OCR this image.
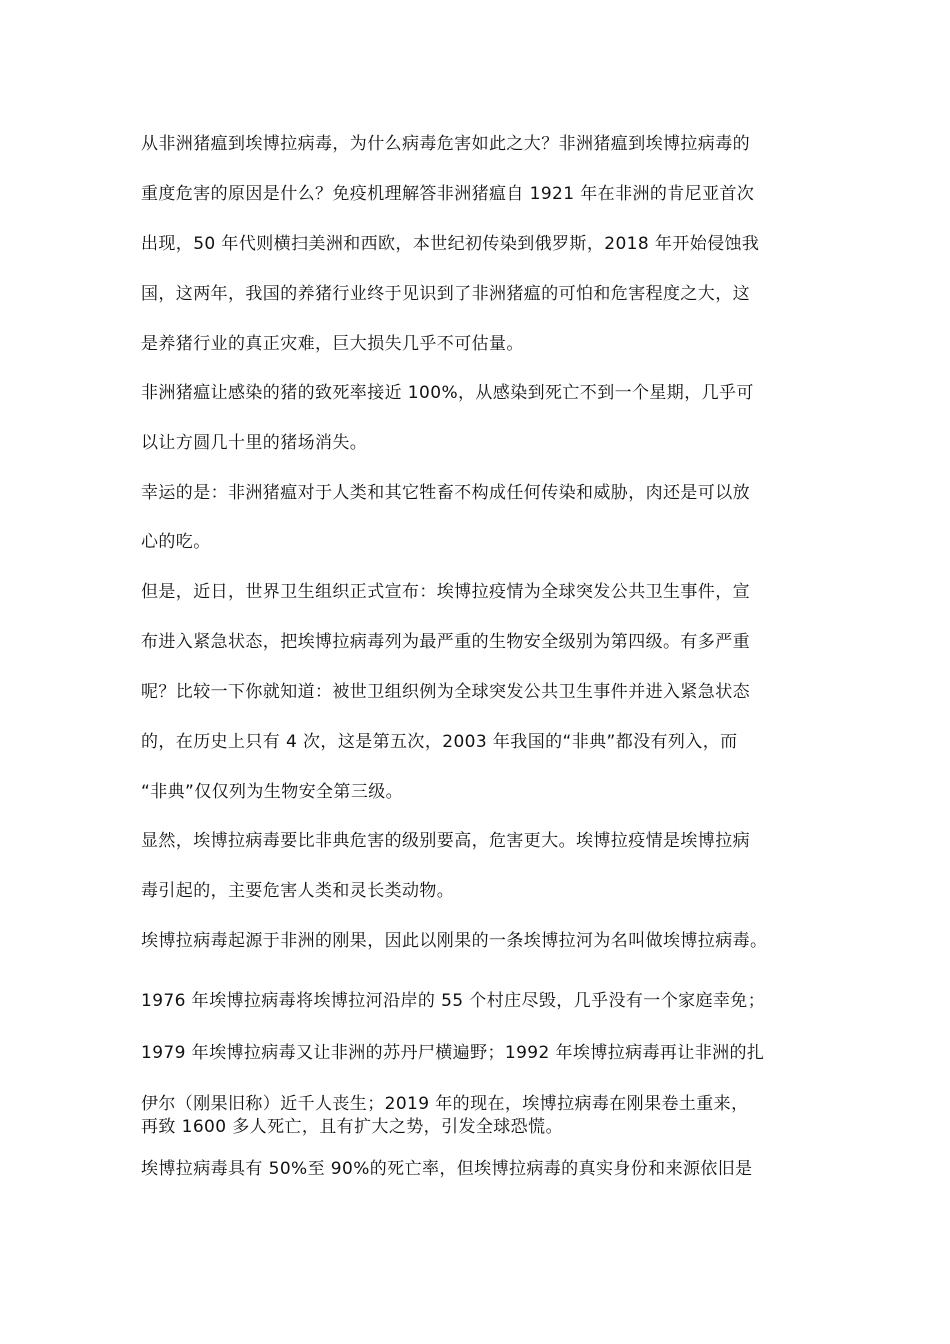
从非洲猪瘟到埃博拉病毒，为什么病毒危害如此之大？非洲猪瘟到埃博拉病毒的
重度危害的原因是什么？免疫机理解答非洲猪瘟自 1921 年在非洲的肯尼亚首次
出现，50 年代则横扫美洲和西欧，本世纪初传染到俄罗斯，2018 年开始侵蚀我
国，这两年，我国的养猪行业终于见识到了非洲猪瘟的可怕和危害程度之大，这
是养猪行业的真正灾难，巨大损失几乎不可估量。
非洲猪瘟让感染的猪的致死率接近 100%，从感染到死亡不到一个星期，几乎可
以让方圆几十里的猪场消失。
幸运的是：非洲猪瘟对于人类和其它牲畜不构成任何传染和威胁，肉还是可以放
心的吃。
但是，近日，世界卫生组织正式宣布：埃博拉疫情为全球突发公共卫生事件，宣
布进入紧急状态，把埃博拉病毒列为最严重的生物安全级别为第四级。有多严重
呢？比较一下你就知道：被世卫组织例为全球突发公共卫生事件并进入紧急状态
的，在历史上只有 4 次，这是第五次，2003 年我国的“非典”都没有列入，而
“非典”仅仅列为生物安全第三级。
显然，埃博拉病毒要比非典危害的级别要高，危害更大。埃博拉疫情是埃博拉病
毒引起的，主要危害人类和灵长类动物。
埃博拉病毒起源于非洲的刚果，因此以刚果的一条埃博拉河为名叫做埃博拉病毒。
1976 年埃博拉病毒将埃博拉河沿岸的 55 个村庄尽毁，几乎没有一个家庭幸免；
1979 年埃博拉病毒又让非洲的苏丹尸横遍野；1992 年埃博拉病毒再让非洲的扎
伊尔（刚果旧称）近千人丧生；2019 年的现在，埃博拉病毒在刚果卷土重来，
再致 1600 多人死亡，且有扩大之势，引发全球恐慌。
埃博拉病毒具有 50%至 90%的死亡率，但埃博拉病毒的真实身份和来源依旧是
